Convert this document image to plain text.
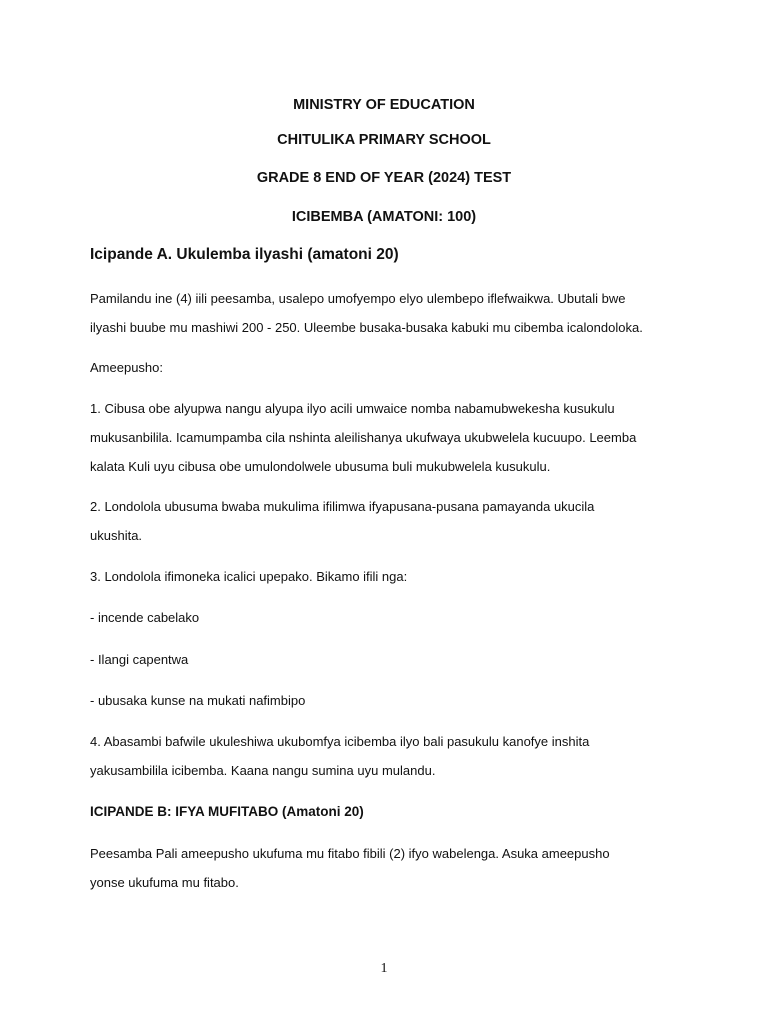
MINISTRY OF EDUCATION
CHITULIKA PRIMARY SCHOOL
GRADE 8 END OF YEAR (2024) TEST
ICIBEMBA (AMATONI: 100)
Icipande A. Ukulemba ilyashi (amatoni 20)
Pamilandu ine (4) iili peesamba, usalepo umofyempo elyo ulembepo iflefwaikwa. Ubutali bwe
ilyashi buube mu mashiwi 200 - 250. Uleembe busaka-busaka kabuki mu cibemba icalondoloka.
Ameepusho:
1. Cibusa obe alyupwa nangu alyupa ilyo acili umwaice nomba nabamubwekesha kusukulu
mukusanbilila. Icamumpamba cila nshinta aleilishanya ukufwaya ukubwelela kucuupo. Leemba
kalata Kuli uyu cibusa obe umulondolwele ubusuma buli mukubwelela kusukulu.
2. Londolola ubusuma bwaba mukulima ifilimwa ifyapusana-pusana pamayanda ukucila
ukushita.
3. Londolola ifimoneka icalici upepako. Bikamo ifili nga:
- incende cabelako
- Ilangi capentwa
- ubusaka kunse na mukati nafimbipo
4. Abasambi bafwile ukuleshiwa ukubomfya icibemba ilyo bali pasukulu kanofye inshita
yakusambilila icibemba. Kaana nangu sumina uyu mulandu.
ICIPANDE B: IFYA MUFITABO (Amatoni 20)
Peesamba Pali ameepusho ukufuma mu fitabo fibili (2) ifyo wabelenga. Asuka ameepusho
yonse ukufuma mu fitabo.
1
